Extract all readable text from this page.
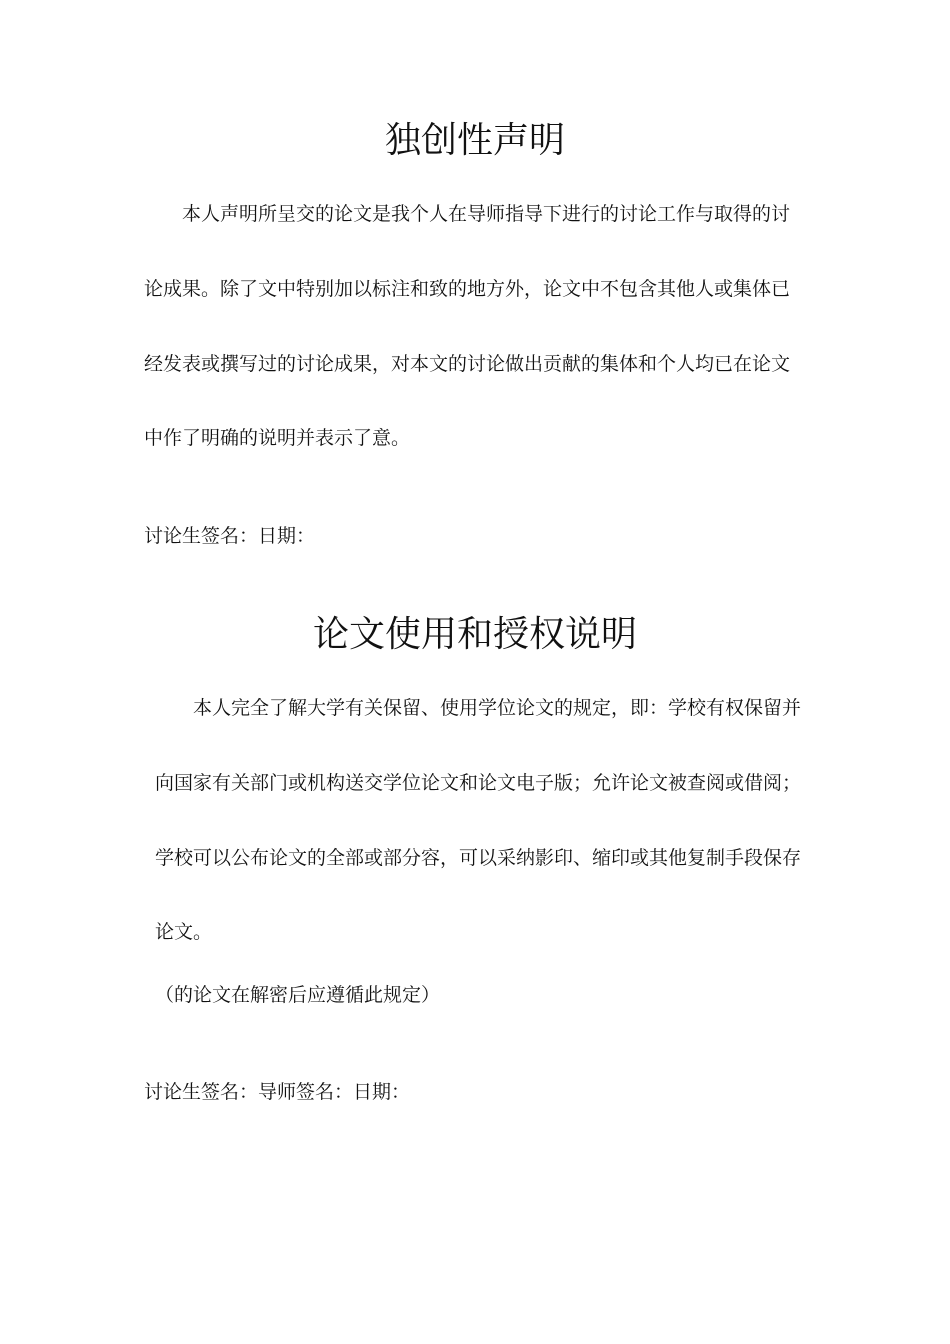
独创性声明
本人声明所呈交的论文是我个人在导师指导下进行的讨论工作与取得的讨
论成果。除了文中特别加以标注和致的地方外，论文中不包含其他人或集体已
经发表或撰写过的讨论成果，对本文的讨论做出贡献的集体和个人均已在论文
中作了明确的说明并表示了意。
讨论生签名：日期：
论文使用和授权说明
本人完全了解大学有关保留、使用学位论文的规定，即：学校有权保留并
向国家有关部门或机构送交学位论文和论文电子版；允许论文被查阅或借阅；
学校可以公布论文的全部或部分容，可以采纳影印、缩印或其他复制手段保存
论文。
（的论文在解密后应遵循此规定）
讨论生签名：导师签名：日期：
